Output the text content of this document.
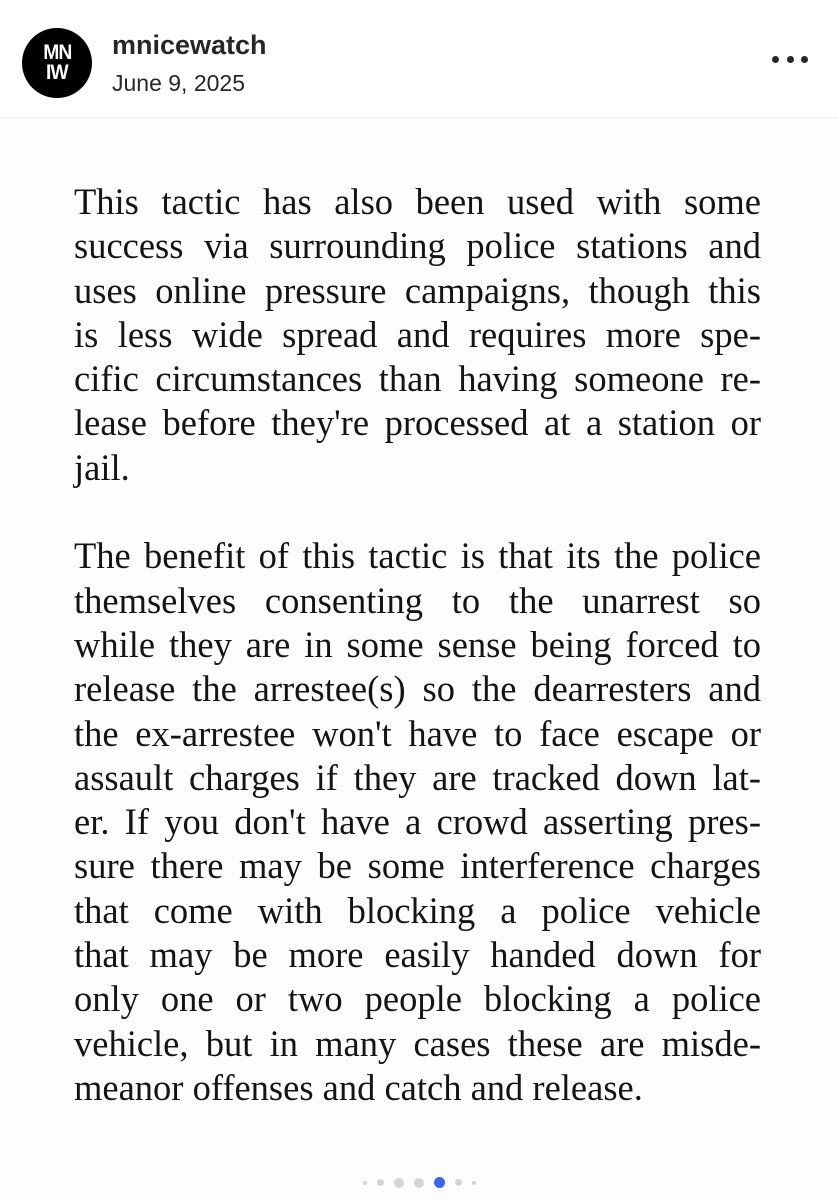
MN
IW
mnicewatch
June 9, 2025

This tactic has also been used with some
success via surrounding police stations and
uses online pressure campaigns, though this
is less wide spread and requires more spe-
cific circumstances than having someone re-
lease before they're processed at a station or
jail.

The benefit of this tactic is that its the police
themselves consenting to the unarrest so
while they are in some sense being forced to
release the arrestee(s) so the dearresters and
the ex-arrestee won't have to face escape or
assault charges if they are tracked down lat-
er. If you don't have a crowd asserting pres-
sure there may be some interference charges
that come with blocking a police vehicle
that may be more easily handed down for
only one or two people blocking a police
vehicle, but in many cases these are misde-
meanor offenses and catch and release.
